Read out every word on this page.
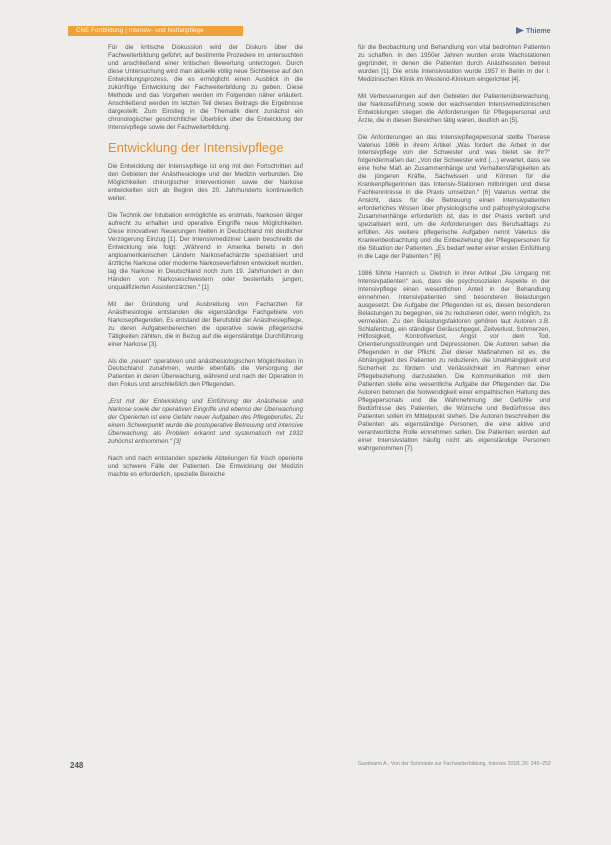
CNE Fortbildung | Intensiv- und Notfallpflege	Thieme

Für die kritische Diskussion wird der Diskurs über die Fachweiterbildung geführt, auf bestimmte Prozedere im untersuchten und anschließend einer kritischen Bewertung unterzogen. Durch diese Untersuchung wird man aktuelle völlig neue Sichtweise auf den Entwicklungsprozess, die es ermöglicht einen Ausblick in die zukünftige Entwicklung der Fachweiterbildung zu geben. Diese Methode und das Vorgehen werden im Folgenden näher erläutert. Anschließend werden im letzten Teil dieses Beitrags die Ergebnisse dargestellt. Zum Einstieg in die Thematik dient zunächst ein chronologischer geschichtlicher Überblick über die Entwicklung der Intensivpflege sowie der Fachweiterbildung.

Entwicklung der Intensivpflege

Die Entwicklung der Intensivpflege ist eng mit den Fortschritten auf den Gebieten der Anästhesiologie und der Medizin verbunden. Die Möglichkeiten chirurgischer Interventionen sowie der Narkose entwickelten sich ab Beginn des 20. Jahrhunderts kontinuierlich weiter.

Die Technik der Intubation ermöglichte es erstmals, Narkosen länger aufrecht zu erhalten und operative Eingriffe neue Möglichkeiten. Diese innovativen Neuerungen hielten in Deutschland mit deutlicher Verzögerung Einzug [1]. Der Intensivmediziner Lawin beschreibt die Entwicklung wie folgt: „Während in Amerika bereits in den angloamerikanischen Ländern Narkosefachärzte spezialisiert und ärztliche Narkose oder moderne Narkoseverfahren entwickelt wurden, lag die Narkose in Deutschland noch zum 19. Jahrhundert in den Händen von Narkoseschwestern oder bestenfalls jungen, unqualifizierten Assistenzärzten.“ [1]

Mit der Gründung und Ausbreitung von Facharzten für Anästhesiologie entstanden die eigenständige Fachgebiete von Narkosepflegenden. Es entstand der Berufsbild der Anästhesiepflege, zu deren Aufgabenbereichen die operative sowie pflegerische Tätigkeiten zählten, die in Bezug auf die eigenständige Durchführung einer Narkose [3].

Als die „neuen“ operativen und anästhesiologischen Möglichkeiten in Deutschland zunahmen, wurde ebenfalls die Versorgung der Patienten in deren Überwachung, während und nach der Operation in den Fokus und anschließlich den Pflegenden.

„Erst mit der Entwicklung und Einführung der Anästhesie und Narkose sowie der operativen Eingriffe und ebenso der Überwachung der Operierten ist eine Gefahr neuer Aufgaben des Pflegeberufes. Zu einem Schwerpunkt wurde die postoperative Betreuung und intensive Überwachung; als Problem erkannt und systematisch mit 1932 zuhöchst entnommen.“ [3]

Nach und nach entstanden spezielle Abteilungen für frisch operierte und schwere Fälle der Patienten. Die Entwicklung der Medizin machte es erforderlich, spezielle Bereiche

für die Beobachtung und Behandlung von vital bedrohten Patienten zu schaffen. In den 1950er Jahren wurden erste Wachstationen gegründet, in denen die Patienten durch Anästhesisten betreut wurden [1]. Die erste Intensivstation wurde 1957 in Berlin in der I. Medizinischen Klinik im Westend-Klinikum eingerichtet [4].

Mit Verbesserungen auf den Gebieten der Patientenüberwachung, der Narkoseführung sowie der wachsenden Intensivmedizinischen Entwicklungen stiegen die Anforderungen für Pflegepersonal und Ärzte, die in diesen Bereichen tätig waren, deutlich an [5].

Die Anforderungen an das Intensivpflegepersonal stellte Therese Valerius 1966 in ihrem Artikel „Was fordert die Arbeit in der Intensivpflege von der Schwester und was bietet sie ihr?“ folgendermaßen dar: „Von der Schwester wird (…) erwartet, dass sie eine hohe Maß an Zusammenhänge und Verhaltensfähigkeiten als die jüngeren Kräfte, Sachwissen und Können für die Krankenpflegerinnen das Intensiv-Stationen mitbringen und diese Fachkenntnisse in die Praxis umsetzen.“ [6] Valerius vertrat die Ansicht, dass für die Betreuung einen intensivpatienten erforderliches Wissen über physiologische und pathophysiologische Zusammenhänge erforderlich ist, das in der Praxis vertieft und spezialisiert wird, um die Anforderungen des Berufsalltags zu erfüllen. Als weitere pflegerische Aufgaben nennt Valerius die Krankenbeobachtung und die Einbeziehung der Pflegepersonen für die Situation der Patienten. „Es bedarf weiter einer ersten Einfühlung in die Lage der Patienten.“ [6]

1986 führte Hannich u. Dietrich in ihrer Artikel „Die Umgang mit Intensivpatienten“ aus, dass die psychosozialen Aspekte in der Intensivpflege einen wesentlichen Anteil in der Behandlung einnehmen. Intensivpatienten sind besonderen Belastungen ausgesetzt. Die Aufgabe der Pflegenden ist es, diesen besonderen Belastungen zu begegnen, sie zu reduzieren oder, wenn möglich, zu vermeiden. Zu den Belastungsfaktoren gehören laut Autoren z.B. Schlafentzug, ein ständiger Geräuschpegel, Zeitverlust, Schmerzen, Hilflosigkeit, Kontrollverlust, Angst vor dem Tod, Orientierungsstörungen und Depressionen. Die Autoren sehen die Pflegenden in der Pflicht. Ziel dieser Maßnahmen ist es, die Abhängigkeit des Patienten zu reduzieren, die Unabhängigkeit und Sicherheit zu fördern und Verlässlichkeit im Rahmen einer Pflegebeziehung darzustellen. Die Kommunikation mit dem Patienten stelle eine wesentliche Aufgabe der Pflegenden dar. Die Autoren betonen die Notwendigkeit einer empathischen Haltung des Pflegepersonals und die Wahrnehmung der Gefühle und Bedürfnisse des Patienten, die Wünsche und Bedürfnisse des Patienten sollen im Mittelpunkt stehen. Die Autoren beschreiben die Patienten als eigenständige Personen, die eine aktive und verantwortliche Rolle einnehmen sollen. Die Patienten werden auf einer Intensivstation häufig nicht als eigenständige Personen wahrgenommen [7].

248	Gastmann A.: Von der Schmiede zur Fachweiterbildung. Intensiv 2018; 26: 245–252
